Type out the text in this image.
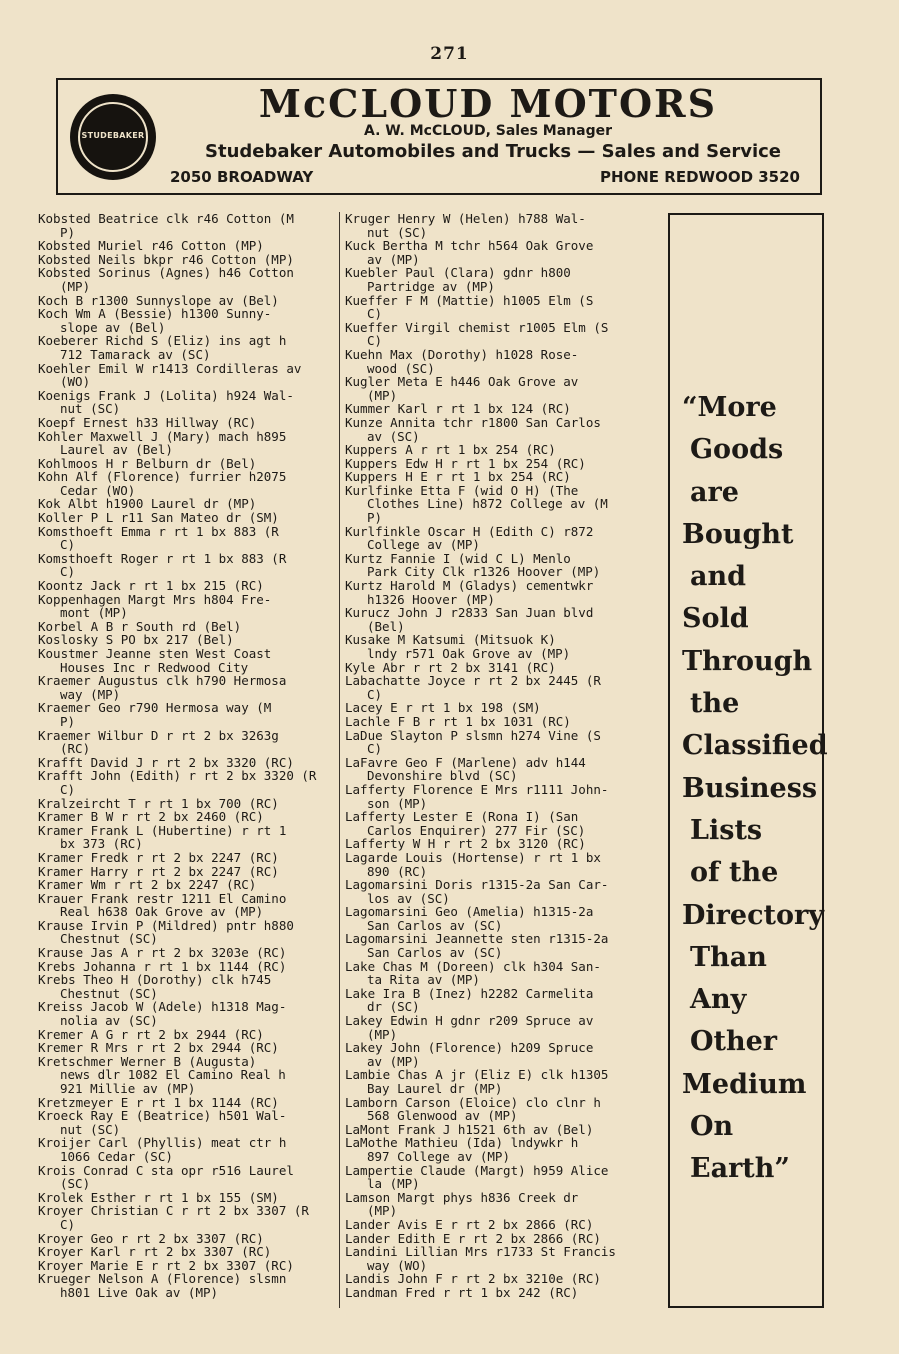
271
STUDEBAKER
McCLOUD MOTORS
A. W. McCLOUD, Sales Manager
Studebaker Automobiles and Trucks — Sales and Service
2050 BROADWAY	PHONE REDWOOD 3520
Kobsted Beatrice clk r46 Cotton (M
P)
Kobsted Muriel r46 Cotton (MP)
Kobsted Neils bkpr r46 Cotton (MP)
Kobsted Sorinus (Agnes) h46 Cotton
(MP)
Koch B r1300 Sunnyslope av (Bel)
Koch Wm A (Bessie) h1300 Sunny-
slope av (Bel)
Koeberer Richd S (Eliz) ins agt h
712 Tamarack av (SC)
Koehler Emil W r1413 Cordilleras av
(WO)
Koenigs Frank J (Lolita) h924 Wal-
nut (SC)
Koepf Ernest h33 Hillway (RC)
Kohler Maxwell J (Mary) mach h895
Laurel av (Bel)
Kohlmoos H r Belburn dr (Bel)
Kohn Alf (Florence) furrier h2075
Cedar (WO)
Kok Albt h1900 Laurel dr (MP)
Koller P L r11 San Mateo dr (SM)
Komsthoeft Emma r rt 1 bx 883 (R
C)
Komsthoeft Roger r rt 1 bx 883 (R
C)
Koontz Jack r rt 1 bx 215 (RC)
Koppenhagen Margt Mrs h804 Fre-
mont (MP)
Korbel A B r South rd (Bel)
Koslosky S PO bx 217 (Bel)
Koustmer Jeanne sten West Coast
Houses Inc r Redwood City
Kraemer Augustus clk h790 Hermosa
way (MP)
Kraemer Geo r790 Hermosa way (M
P)
Kraemer Wilbur D r rt 2 bx 3263g
(RC)
Krafft David J r rt 2 bx 3320 (RC)
Krafft John (Edith) r rt 2 bx 3320 (R
C)
Kralzeircht T r rt 1 bx 700 (RC)
Kramer B W r rt 2 bx 2460 (RC)
Kramer Frank L (Hubertine) r rt 1
bx 373 (RC)
Kramer Fredk r rt 2 bx 2247 (RC)
Kramer Harry r rt 2 bx 2247 (RC)
Kramer Wm r rt 2 bx 2247 (RC)
Krauer Frank restr 1211 El Camino
Real h638 Oak Grove av (MP)
Krause Irvin P (Mildred) pntr h880
Chestnut (SC)
Krause Jas A r rt 2 bx 3203e (RC)
Krebs Johanna r rt 1 bx 1144 (RC)
Krebs Theo H (Dorothy) clk h745
Chestnut (SC)
Kreiss Jacob W (Adele) h1318 Mag-
nolia av (SC)
Kremer A G r rt 2 bx 2944 (RC)
Kremer R Mrs r rt 2 bx 2944 (RC)
Kretschmer Werner B (Augusta)
news dlr 1082 El Camino Real h
921 Millie av (MP)
Kretzmeyer E r rt 1 bx 1144 (RC)
Kroeck Ray E (Beatrice) h501 Wal-
nut (SC)
Kroijer Carl (Phyllis) meat ctr h
1066 Cedar (SC)
Krois Conrad C sta opr r516 Laurel
(SC)
Krolek Esther r rt 1 bx 155 (SM)
Kroyer Christian C r rt 2 bx 3307 (R
C)
Kroyer Geo r rt 2 bx 3307 (RC)
Kroyer Karl r rt 2 bx 3307 (RC)
Kroyer Marie E r rt 2 bx 3307 (RC)
Krueger Nelson A (Florence) slsmn
h801 Live Oak av (MP)
Kruger Henry W (Helen) h788 Wal-
nut (SC)
Kuck Bertha M tchr h564 Oak Grove
av (MP)
Kuebler Paul (Clara) gdnr h800
Partridge av (MP)
Kueffer F M (Mattie) h1005 Elm (S
C)
Kueffer Virgil chemist r1005 Elm (S
C)
Kuehn Max (Dorothy) h1028 Rose-
wood (SC)
Kugler Meta E h446 Oak Grove av
(MP)
Kummer Karl r rt 1 bx 124 (RC)
Kunze Annita tchr r1800 San Carlos
av (SC)
Kuppers A r rt 1 bx 254 (RC)
Kuppers Edw H r rt 1 bx 254 (RC)
Kuppers H E r rt 1 bx 254 (RC)
Kurlfinke Etta F (wid O H) (The
Clothes Line) h872 College av (M
P)
Kurlfinkle Oscar H (Edith C) r872
College av (MP)
Kurtz Fannie I (wid C L) Menlo
Park City Clk r1326 Hoover (MP)
Kurtz Harold M (Gladys) cementwkr
h1326 Hoover (MP)
Kurucz John J r2833 San Juan blvd
(Bel)
Kusake M Katsumi (Mitsuok K)
lndy r571 Oak Grove av (MP)
Kyle Abr r rt 2 bx 3141 (RC)
Labachatte Joyce r rt 2 bx 2445 (R
C)
Lacey E r rt 1 bx 198 (SM)
Lachle F B r rt 1 bx 1031 (RC)
LaDue Slayton P slsmn h274 Vine (S
C)
LaFavre Geo F (Marlene) adv h144
Devonshire blvd (SC)
Lafferty Florence E Mrs r1111 John-
son (MP)
Lafferty Lester E (Rona I) (San
Carlos Enquirer) 277 Fir (SC)
Lafferty W H r rt 2 bx 3120 (RC)
Lagarde Louis (Hortense) r rt 1 bx
890 (RC)
Lagomarsini Doris r1315-2a San Car-
los av (SC)
Lagomarsini Geo (Amelia) h1315-2a
San Carlos av (SC)
Lagomarsini Jeannette sten r1315-2a
San Carlos av (SC)
Lake Chas M (Doreen) clk h304 San-
ta Rita av (MP)
Lake Ira B (Inez) h2282 Carmelita
dr (SC)
Lakey Edwin H gdnr r209 Spruce av
(MP)
Lakey John (Florence) h209 Spruce
av (MP)
Lambie Chas A jr (Eliz E) clk h1305
Bay Laurel dr (MP)
Lamborn Carson (Eloice) clo clnr h
568 Glenwood av (MP)
LaMont Frank J h1521 6th av (Bel)
LaMothe Mathieu (Ida) lndywkr h
897 College av (MP)
Lampertie Claude (Margt) h959 Alice
la (MP)
Lamson Margt phys h836 Creek dr
(MP)
Lander Avis E r rt 2 bx 2866 (RC)
Lander Edith E r rt 2 bx 2866 (RC)
Landini Lillian Mrs r1733 St Francis
way (WO)
Landis John F r rt 2 bx 3210e (RC)
Landman Fred r rt 1 bx 242 (RC)
“More
Goods
are
Bought
and
Sold
Through
the
Classified
Business
Lists
of the
Directory
Than
Any
Other
Medium
On
Earth”
